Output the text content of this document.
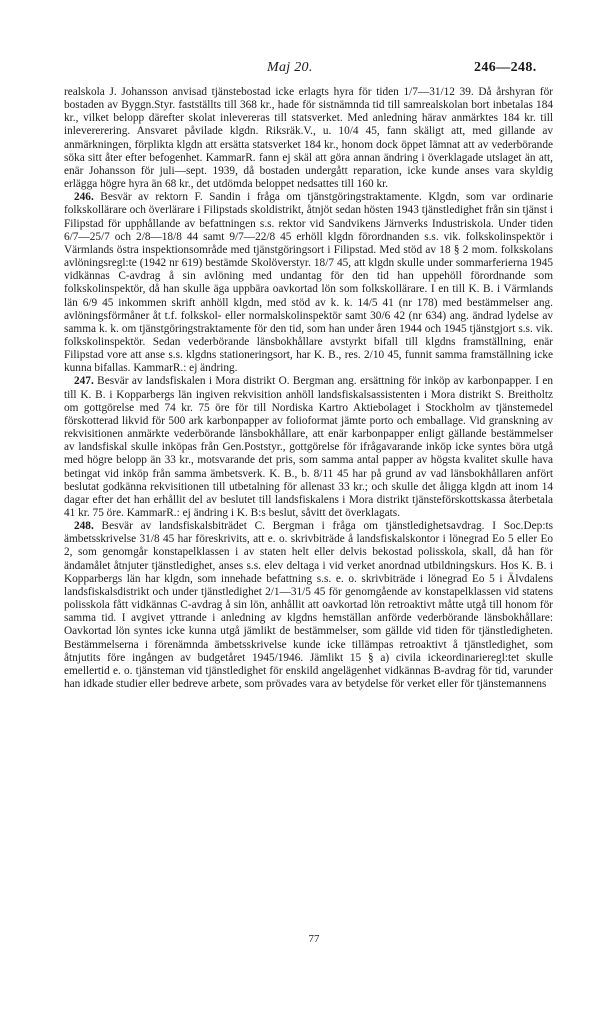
Maj 20.	246—248.

realskola J. Johansson anvisad tjänstebostad icke erlagts hyra för tiden 1/7—31/12 39. Då årshyran för bostaden av Byggn.Styr. fastställts till 368 kr., hade för sistnämnda tid till samrealskolan bort inbetalas 184 kr., vilket belopp därefter skolat inlevereras till statsverket. Med anledning härav anmärktes 184 kr. till inlevererering. Ansvaret påvilade klgdn. Riksräk.V., u. 10/4 45, fann skäligt att, med gillande av anmärkningen, förplikta klgdn att ersätta statsverket 184 kr., honom dock öppet lämnat att av vederbörande söka sitt åter efter befogenhet. KammarR. fann ej skäl att göra annan ändring i överklagade utslaget än att, enär Johansson för juli—sept. 1939, då bostaden undergått reparation, icke kunde anses vara skyldig erlägga högre hyra än 68 kr., det utdömda beloppet nedsattes till 160 kr.

246. Besvär av rektorn F. Sandin i fråga om tjänstgöringstraktamente. Klgdn, som var ordinarie folkskollärare och överlärare i Filipstads skoldistrikt, åtnjöt sedan hösten 1943 tjänstledighet från sin tjänst i Filipstad för upphållande av befattningen s.s. rektor vid Sandvikens Järnverks Industriskola. Under tiden 6/7—25/7 och 2/8—18/8 44 samt 9/7—22/8 45 erhöll klgdn förordnanden s.s. vik. folkskolinspektör i Värmlands östra inspektionsområde med tjänstgöringsort i Filipstad. Med stöd av 18 § 2 mom. folkskolans avlöningsregl:te (1942 nr 619) bestämde Skolöverstyr. 18/7 45, att klgdn skulle under sommarferierna 1945 vidkännas C-avdrag å sin avlöning med undantag för den tid han uppehöll förordnande som folkskolinspektör, då han skulle äga uppbära oavkortad lön som folkskollärare. I en till K. B. i Värmlands län 6/9 45 inkommen skrift anhöll klgdn, med stöd av k. k. 14/5 41 (nr 178) med bestämmelser ang. avlöningsförmåner åt t.f. folkskol- eller normalskolinspektör samt 30/6 42 (nr 634) ang. ändrad lydelse av samma k. k. om tjänstgöringstraktamente för den tid, som han under åren 1944 och 1945 tjänstgjort s.s. vik. folkskolinspektör. Sedan vederbörande länsbokhållare avstyrkt bifall till klgdns framställning, enär Filipstad vore att anse s.s. klgdns stationeringsort, har K. B., res. 2/10 45, funnit samma framställning icke kunna bifallas. KammarR.: ej ändring.

247. Besvär av landsfiskalen i Mora distrikt O. Bergman ang. ersättning för inköp av karbonpapper. I en till K. B. i Kopparbergs län ingiven rekvisition anhöll landsfiskalsassistenten i Mora distrikt S. Breitholtz om gottgörelse med 74 kr. 75 öre för till Nordiska Kartro Aktiebolaget i Stockholm av tjänstemedel förskotterad likvid för 500 ark karbonpapper av folioformat jämte porto och emballage. Vid granskning av rekvisitionen anmärkte vederbörande länsbokhållare, att enär karbonpapper enligt gällande bestämmelser av landsfiskal skulle inköpas från Gen.Poststyr., gottgörelse för ifrågavarande inköp icke syntes böra utgå med högre belopp än 33 kr., motsvarande det pris, som samma antal papper av högsta kvalitet skulle hava betingat vid inköp från samma ämbetsverk. K. B., b. 8/11 45 har på grund av vad länsbokhållaren anfört beslutat godkänna rekvisitionen till utbetalning för allenast 33 kr.; och skulle det åligga klgdn att inom 14 dagar efter det han erhållit del av beslutet till landsfiskalens i Mora distrikt tjänsteförskottskassa återbetala 41 kr. 75 öre. KammarR.: ej ändring i K. B:s beslut, såvitt det överklagats.

248. Besvär av landsfiskalsbiträdet C. Bergman i fråga om tjänstledighetsavdrag. I Soc.Dep:ts ämbetsskrivelse 31/8 45 har föreskrivits, att e. o. skrivbiträde å landsfiskalskontor i lönegrad Eo 5 eller Eo 2, som genomgår konstapelklassen i av staten helt eller delvis bekostad polisskola, skall, då han för ändamålet åtnjuter tjänstledighet, anses s.s. elev deltaga i vid verket anordnad utbildningskurs. Hos K. B. i Kopparbergs län har klgdn, som innehade befattning s.s. e. o. skrivbiträde i lönegrad Eo 5 i Älvdalens landsfiskalsdistrikt och under tjänstledighet 2/1—31/5 45 för genomgående av konstapelklassen vid statens polisskola fått vidkännas C-avdrag å sin lön, anhållit att oavkortad lön retroaktivt måtte utgå till honom för samma tid. I avgivet yttrande i anledning av klgdns hemställan anförde vederbörande länsbokhållare: Oavkortad lön syntes icke kunna utgå jämlikt de bestämmelser, som gällde vid tiden för tjänstledigheten. Bestämmelserna i förenämnda ämbetsskrivelse kunde icke tillämpas retroaktivt å tjänstledighet, som åtnjutits före ingången av budgetåret 1945/1946. Jämlikt 15 § a) civila ickeordinarieregl:tet skulle emellertid e. o. tjänsteman vid tjänstledighet för enskild angelägenhet vidkännas B-avdrag för tid, varunder han idkade studier eller bedreve arbete, som prövades vara av betydelse för verket eller för tjänstemannens

77
